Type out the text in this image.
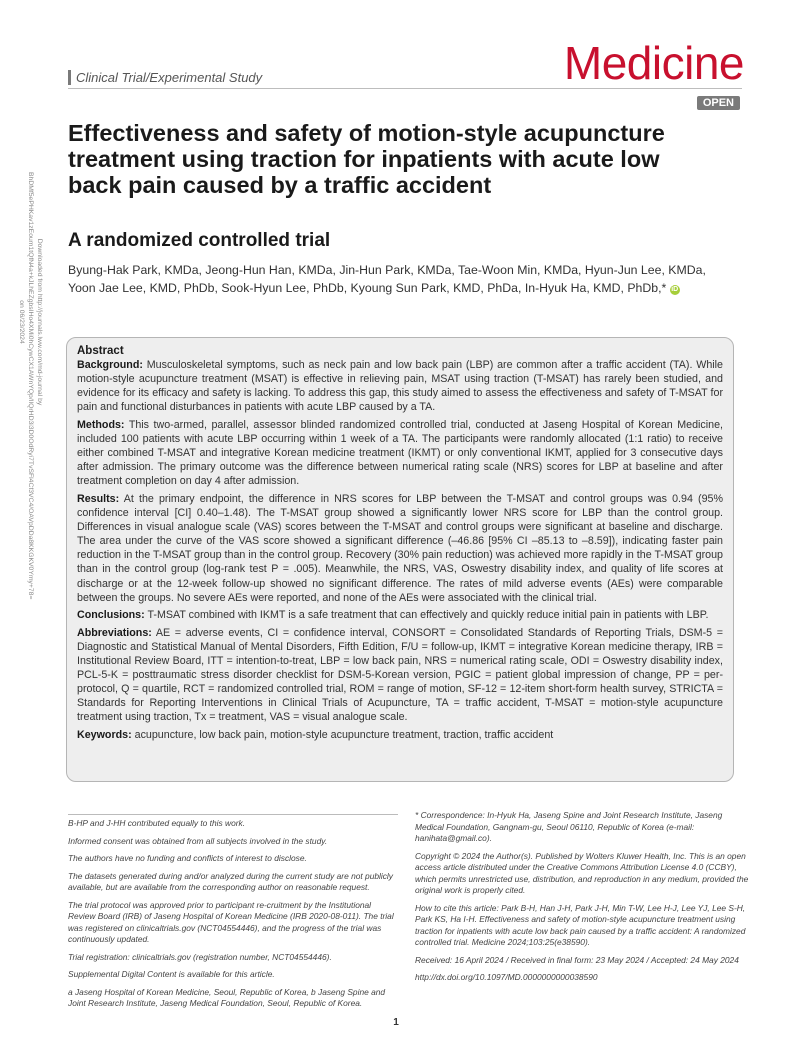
Downloaded from http://journals.lww.com/md-journal by BhDMf5ePHKav1zEoum1tQfN4a+kJLhEZgbsIHo4XMi0hCywCX1AWnYQp/IlQrHD3i3D0OdRyi7TvSFl4Cf3VC4/OAVpDDa8KKGKV0Ymy+78= on 06/23/2024
Clinical Trial/Experimental Study	Medicine
OPEN
Effectiveness and safety of motion-style acupuncture treatment using traction for inpatients with acute low back pain caused by a traffic accident
A randomized controlled trial
Byung-Hak Park, KMDa, Jeong-Hun Han, KMDa, Jin-Hun Park, KMDa, Tae-Woon Min, KMDa, Hyun-Jun Lee, KMDa,
Yoon Jae Lee, KMD, PhDb, Sook-Hyun Lee, PhDb, Kyoung Sun Park, KMD, PhDa, In-Hyuk Ha, KMD, PhDb,* iD
Abstract

Background: Musculoskeletal symptoms, such as neck pain and low back pain (LBP) are common after a traffic accident (TA). While motion-style acupuncture treatment (MSAT) is effective in relieving pain, MSAT using traction (T-MSAT) has rarely been studied, and evidence for its efficacy and safety is lacking. To address this gap, this study aimed to assess the effectiveness and safety of T-MSAT for pain and functional disturbances in patients with acute LBP caused by a TA.

Methods: This two-armed, parallel, assessor blinded randomized controlled trial, conducted at Jaseng Hospital of Korean Medicine, included 100 patients with acute LBP occurring within 1 week of a TA. The participants were randomly allocated (1:1 ratio) to receive either combined T-MSAT and integrative Korean medicine treatment (IKMT) or only conventional IKMT, applied for 3 consecutive days after admission. The primary outcome was the difference between numerical rating scale (NRS) scores for LBP at baseline and after treatment completion on day 4 after admission.

Results: At the primary endpoint, the difference in NRS scores for LBP between the T-MSAT and control groups was 0.94 (95% confidence interval [CI] 0.40–1.48). The T-MSAT group showed a significantly lower NRS score for LBP than the control group. Differences in visual analogue scale (VAS) scores between the T-MSAT and control groups were significant at baseline and discharge. The area under the curve of the VAS score showed a significant difference (–46.86 [95% CI –85.13 to –8.59]), indicating faster pain reduction in the T-MSAT group than in the control group. Recovery (30% pain reduction) was achieved more rapidly in the T-MSAT group than in the control group (log-rank test P = .005). Meanwhile, the NRS, VAS, Oswestry disability index, and quality of life scores at discharge or at the 12-week follow-up showed no significant difference. The rates of mild adverse events (AEs) were comparable between the groups. No severe AEs were reported, and none of the AEs were associated with the clinical trial.

Conclusions: T-MSAT combined with IKMT is a safe treatment that can effectively and quickly reduce initial pain in patients with LBP.

Abbreviations: AE = adverse events, CI = confidence interval, CONSORT = Consolidated Standards of Reporting Trials, DSM-5 = Diagnostic and Statistical Manual of Mental Disorders, Fifth Edition, F/U = follow-up, IKMT = integrative Korean medicine therapy, IRB = Institutional Review Board, ITT = intention-to-treat, LBP = low back pain, NRS = numerical rating scale, ODI = Oswestry disability index, PCL-5-K = posttraumatic stress disorder checklist for DSM-5-Korean version, PGIC = patient global impression of change, PP = per-protocol, Q = quartile, RCT = randomized controlled trial, ROM = range of motion, SF-12 = 12-item short-form health survey, STRICTA = Standards for Reporting Interventions in Clinical Trials of Acupuncture, TA = traffic accident, T-MSAT = motion-style acupuncture treatment using traction, Tx = treatment, VAS = visual analogue scale.

Keywords: acupuncture, low back pain, motion-style acupuncture treatment, traction, traffic accident

B-HP and J-HH contributed equally to this work.

Informed consent was obtained from all subjects involved in the study.

The authors have no funding and conflicts of interest to disclose.

The datasets generated during and/or analyzed during the current study are not publicly available, but are available from the corresponding author on reasonable request.

The trial protocol was approved prior to participant re-cruitment by the Institutional Review Board (IRB) of Jaseng Hospital of Korean Medicine (IRB 2020-08-011). The trial was registered on clinicaltrials.gov (NCT04554446), and the progress of the trial was continuously updated.

Trial registration: clinicaltrials.gov (registration number, NCT04554446).

Supplemental Digital Content is available for this article.

a Jaseng Hospital of Korean Medicine, Seoul, Republic of Korea, b Jaseng Spine and Joint Research Institute, Jaseng Medical Foundation, Seoul, Republic of Korea.

* Correspondence: In-Hyuk Ha, Jaseng Spine and Joint Research Institute, Jaseng Medical Foundation, Gangnam-gu, Seoul 06110, Republic of Korea (e-mail: hanihata@gmail.co).

Copyright © 2024 the Author(s). Published by Wolters Kluwer Health, Inc. This is an open access article distributed under the Creative Commons Attribution License 4.0 (CCBY), which permits unrestricted use, distribution, and reproduction in any medium, provided the original work is properly cited.

How to cite this article: Park B-H, Han J-H, Park J-H, Min T-W, Lee H-J, Lee YJ, Lee S-H, Park KS, Ha I-H. Effectiveness and safety of motion-style acupuncture treatment using traction for inpatients with acute low back pain caused by a traffic accident: A randomized controlled trial. Medicine 2024;103:25(e38590).

Received: 16 April 2024 / Received in final form: 23 May 2024 / Accepted: 24 May 2024

http://dx.doi.org/10.1097/MD.0000000000038590

1
